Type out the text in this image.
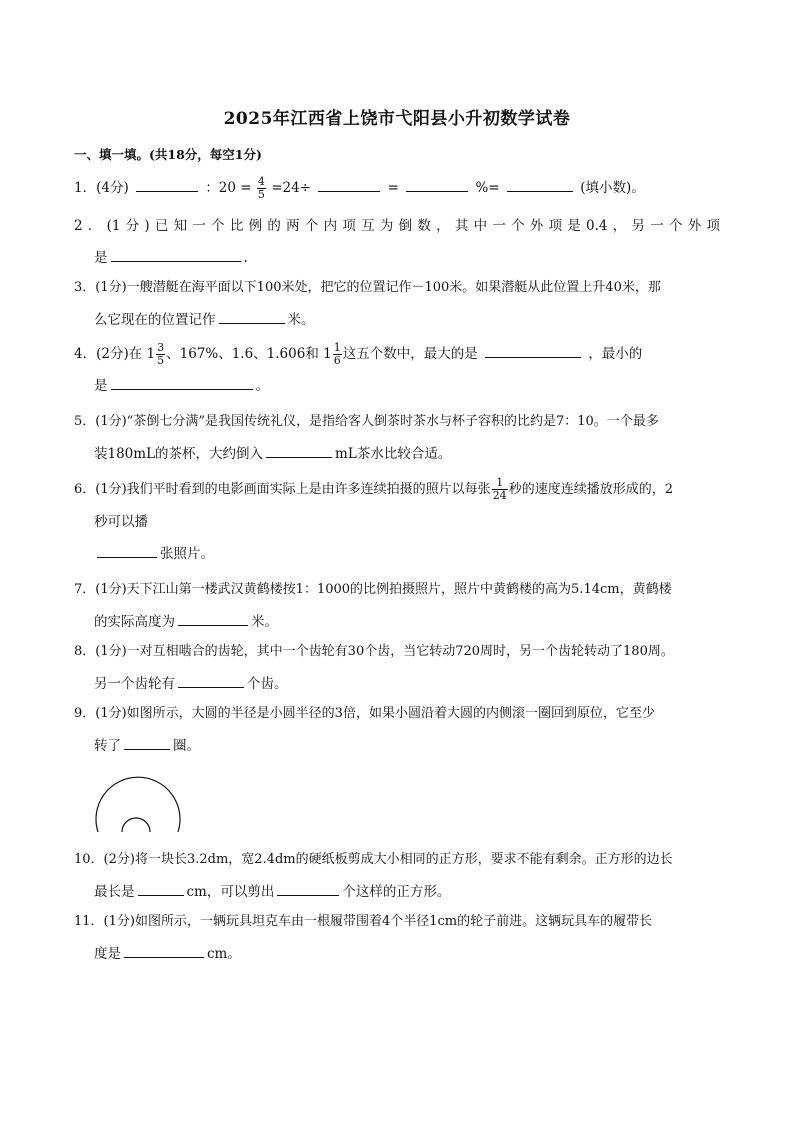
2025年江西省上饶市弋阳县小升初数学试卷
一、填一填。(共18分，每空1分)
1．(4分)	：$20 = \frac{4}{5} =24\div$	=	%=	(填小数)。
2．(1分)已知一个比例的两个内项互为倒数，其中一个外项是0.4，另一个外项
是	.
3．(1分)一艘潜艇在海平面以下100米处，把它的位置记作－100米。如果潜艇从此位置上升40米，那
么它现在的位置记作	米。
4．(2分)在 $1 \frac{3}{5}$ 、167%、1.6、1.606和 $1 \frac{1}{6}$ 这五个数中，最大的是	，最小的
是	。
5．(1分)“茶倒七分满”是我国传统礼仪，是指给客人倒茶时茶水与杯子容积的比约是7：10。一个最多
装180mL的茶杯，大约倒入	mL茶水比较合适。
6．(1分)我们平时看到的电影画面实际上是由许多连续拍摄的照片以每张 $\frac{1}{24}$ 秒的速度连续播放形成的，2
秒可以播
张照片。
7．(1分)天下江山第一楼武汉黄鹤楼按1：1000的比例拍摄照片，照片中黄鹤楼的高为5.14cm，黄鹤楼
的实际高度为	米。
8．(1分)一对互相啮合的齿轮，其中一个齿轮有30个齿，当它转动720周时，另一个齿轮转动了180周。
另一个齿轮有	个齿。
9．(1分)如图所示，大圆的半径是小圆半径的3倍，如果小圆沿着大圆的内侧滚一圈回到原位，它至少
转了	圈。
10．(2分)将一块长3.2dm，宽2.4dm的硬纸板剪成大小相同的正方形，要求不能有剩余。正方形的边长
最长是	cm，可以剪出	个这样的正方形。
11．(1分)如图所示，一辆玩具坦克车由一根履带围着4个半径1cm的轮子前进。这辆玩具车的履带长
度是	cm。
